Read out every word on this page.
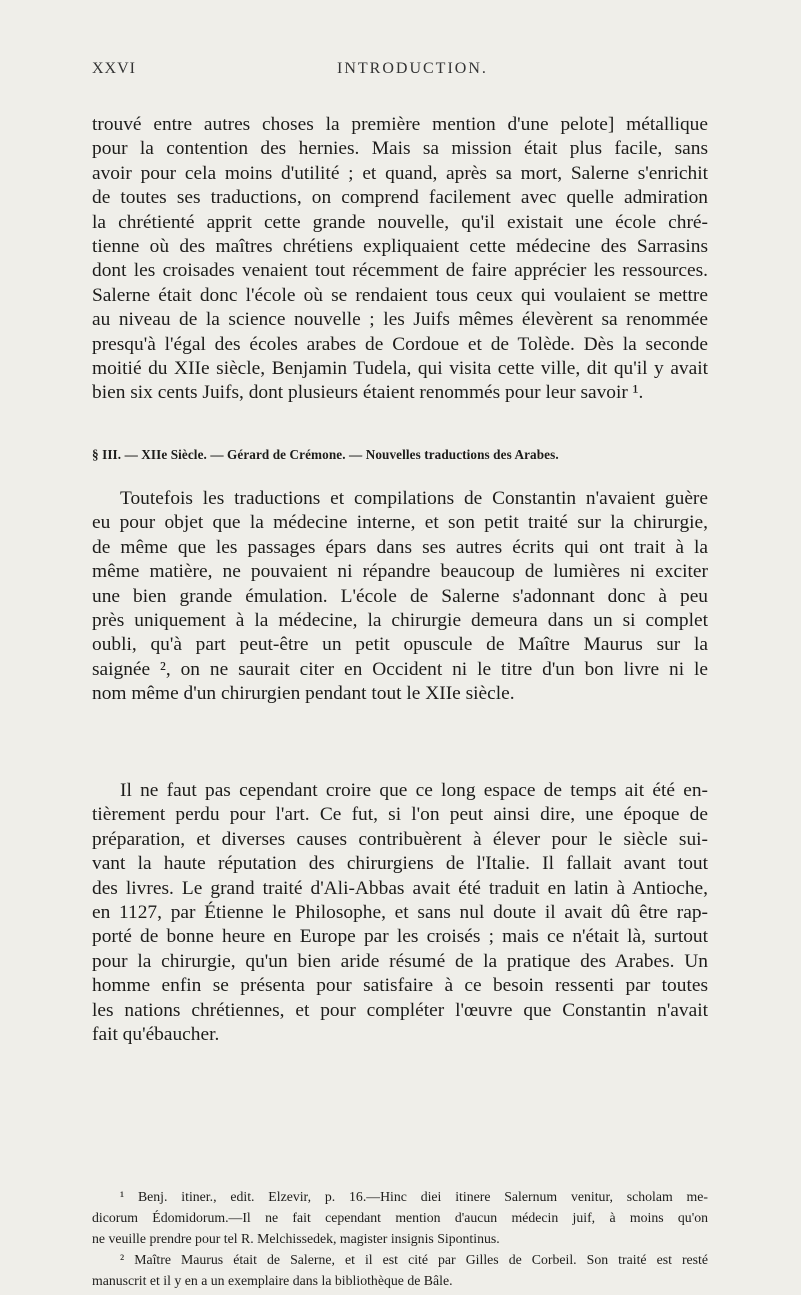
XXVI	INTRODUCTION.
trouvé entre autres choses la première mention d'une pelote] métallique
pour la contention des hernies. Mais sa mission était plus facile, sans
avoir pour cela moins d'utilité ; et quand, après sa mort, Salerne s'enrichit
de toutes ses traductions, on comprend facilement avec quelle admiration
la chrétienté apprit cette grande nouvelle, qu'il existait une école chré-
tienne où des maîtres chrétiens expliquaient cette médecine des Sarrasins
dont les croisades venaient tout récemment de faire apprécier les ressources.
Salerne était donc l'école où se rendaient tous ceux qui voulaient se mettre
au niveau de la science nouvelle ; les Juifs mêmes élevèrent sa renommée
presqu'à l'égal des écoles arabes de Cordoue et de Tolède. Dès la seconde
moitié du XIIe siècle, Benjamin Tudela, qui visita cette ville, dit qu'il y avait
bien six cents Juifs, dont plusieurs étaient renommés pour leur savoir ¹.
§ III. — XIIe Siècle. — Gérard de Crémone. — Nouvelles traductions des Arabes.
Toutefois les traductions et compilations de Constantin n'avaient guère
eu pour objet que la médecine interne, et son petit traité sur la chirurgie,
de même que les passages épars dans ses autres écrits qui ont trait à la
même matière, ne pouvaient ni répandre beaucoup de lumières ni exciter
une bien grande émulation. L'école de Salerne s'adonnant donc à peu
près uniquement à la médecine, la chirurgie demeura dans un si complet
oubli, qu'à part peut-être un petit opuscule de Maître Maurus sur la
saignée ², on ne saurait citer en Occident ni le titre d'un bon livre ni le
nom même d'un chirurgien pendant tout le XIIe siècle.
Il ne faut pas cependant croire que ce long espace de temps ait été en-
tièrement perdu pour l'art. Ce fut, si l'on peut ainsi dire, une époque de
préparation, et diverses causes contribuèrent à élever pour le siècle sui-
vant la haute réputation des chirurgiens de l'Italie. Il fallait avant tout
des livres. Le grand traité d'Ali-Abbas avait été traduit en latin à Antioche,
en 1127, par Étienne le Philosophe, et sans nul doute il avait dû être rap-
porté de bonne heure en Europe par les croisés ; mais ce n'était là, surtout
pour la chirurgie, qu'un bien aride résumé de la pratique des Arabes. Un
homme enfin se présenta pour satisfaire à ce besoin ressenti par toutes
les nations chrétiennes, et pour compléter l'œuvre que Constantin n'avait
fait qu'ébaucher.
¹ Benj. itiner., edit. Elzevir, p. 16.—Hinc diei itinere Salernum venitur, scholam me-
dicorum Édomidorum.—Il ne fait cependant mention d'aucun médecin juif, à moins qu'on
ne veuille prendre pour tel R. Melchissedek, magister insignis Sipontinus.
² Maître Maurus était de Salerne, et il est cité par Gilles de Corbeil. Son traité est resté
manuscrit et il y en a un exemplaire dans la bibliothèque de Bâle.
